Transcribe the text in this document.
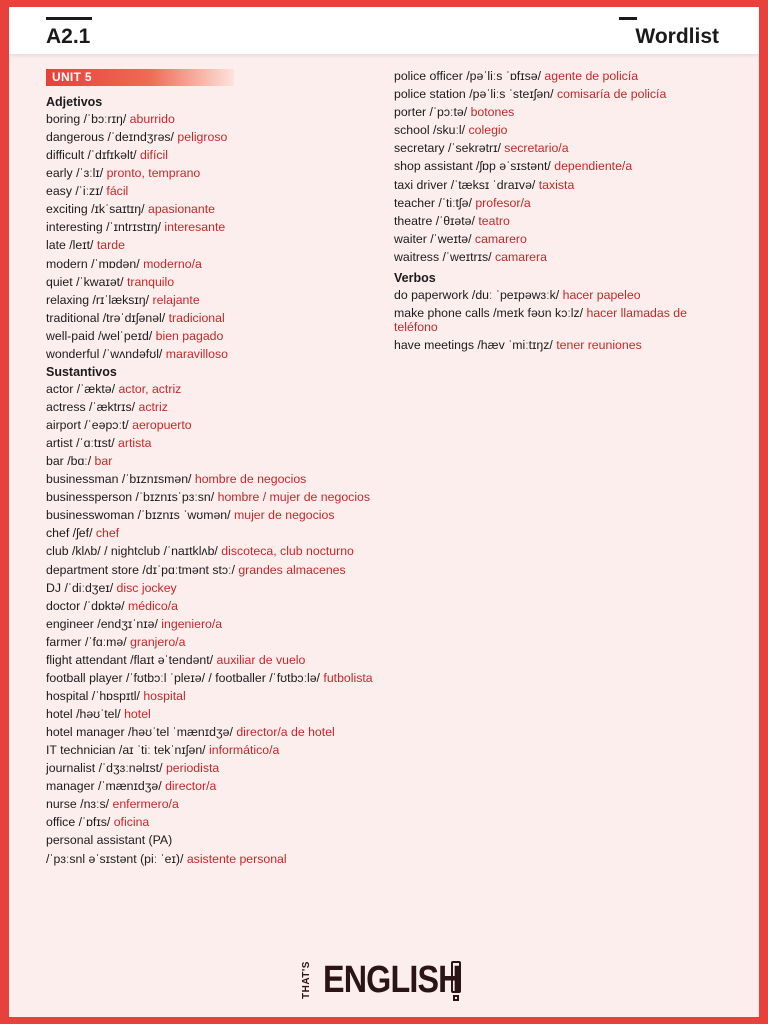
A2.1	Wordlist
UNIT 5
Adjetivos
boring /ˈbɔːrɪŋ/ aburrido
dangerous /ˈdeɪndʒrəs/ peligroso
difficult /ˈdɪfɪkəlt/ difícil
early /ˈɜːlɪ/ pronto, temprano
easy /ˈiːzɪ/ fácil
exciting /ɪkˈsaɪtɪŋ/ apasionante
interesting /ˈɪntrɪstɪŋ/ interesante
late /leɪt/ tarde
modern /ˈmɒdən/ moderno/a
quiet /ˈkwaɪət/ tranquilo
relaxing /rɪˈlæksɪŋ/ relajante
traditional /trəˈdɪʃənəl/ tradicional
well-paid /welˈpeɪd/ bien pagado
wonderful /ˈwʌndəfʊl/ maravilloso
Sustantivos
actor /ˈæktə/ actor, actriz
actress /ˈæktrɪs/ actriz
airport /ˈeəpɔːt/ aeropuerto
artist /ˈɑːtɪst/ artista
bar /bɑː/ bar
businessman /ˈbɪznɪsmən/ hombre de negocios
businessperson /ˈbɪznɪsˈpɜːsn/ hombre / mujer de negocios
businesswoman /ˈbɪznɪs ˈwʊmən/ mujer de negocios
chef /ʃef/ chef
club /klʌb/ / nightclub /ˈnaɪtklʌb/ discoteca, club nocturno
department store /dɪˈpɑːtmənt stɔː/ grandes almacenes
DJ /ˈdiːdʒeɪ/ disc jockey
doctor /ˈdɒktə/ médico/a
engineer /endʒɪˈnɪə/ ingeniero/a
farmer /ˈfɑːmə/ granjero/a
flight attendant /flaɪt əˈtendənt/ auxiliar de vuelo
football player /ˈfʊtbɔːl ˈpleɪə/ / footballer /ˈfʊtbɔːlə/ futbolista
hospital /ˈhɒspɪtl/ hospital
hotel /həʊˈtel/ hotel
hotel manager /həʊˈtel ˈmænɪdʒə/ director/a de hotel
IT technician /aɪ ˈtiː tekˈnɪʃən/ informático/a
journalist /ˈdʒɜːnəlɪst/ periodista
manager /ˈmænɪdʒə/ director/a
nurse /nɜːs/ enfermero/a
office /ˈɒfɪs/ oficina
personal assistant (PA)
/ˈpɜːsnl əˈsɪstənt (piː ˈeɪ)/ asistente personal
police officer /pəˈliːs ˈɒfɪsə/ agente de policía
police station /pəˈliːs ˈsteɪʃən/ comisaría de policía
porter /ˈpɔːtə/ botones
school /skuːl/ colegio
secretary /ˈsekrətrɪ/ secretario/a
shop assistant /ʃɒp əˈsɪstənt/ dependiente/a
taxi driver /ˈtæksɪ ˈdraɪvə/ taxista
teacher /ˈtiːtʃə/ profesor/a
theatre /ˈθɪətə/ teatro
waiter /ˈweɪtə/ camarero
waitress /ˈweɪtrɪs/ camarera
Verbos
do paperwork /duː ˈpeɪpəwɜːk/ hacer papeleo
make phone calls /meɪk fəʊn kɔːlz/ hacer llamadas de teléfono
have meetings /hæv ˈmiːtɪŋz/ tener reuniones
THAT'S ENGLISH
